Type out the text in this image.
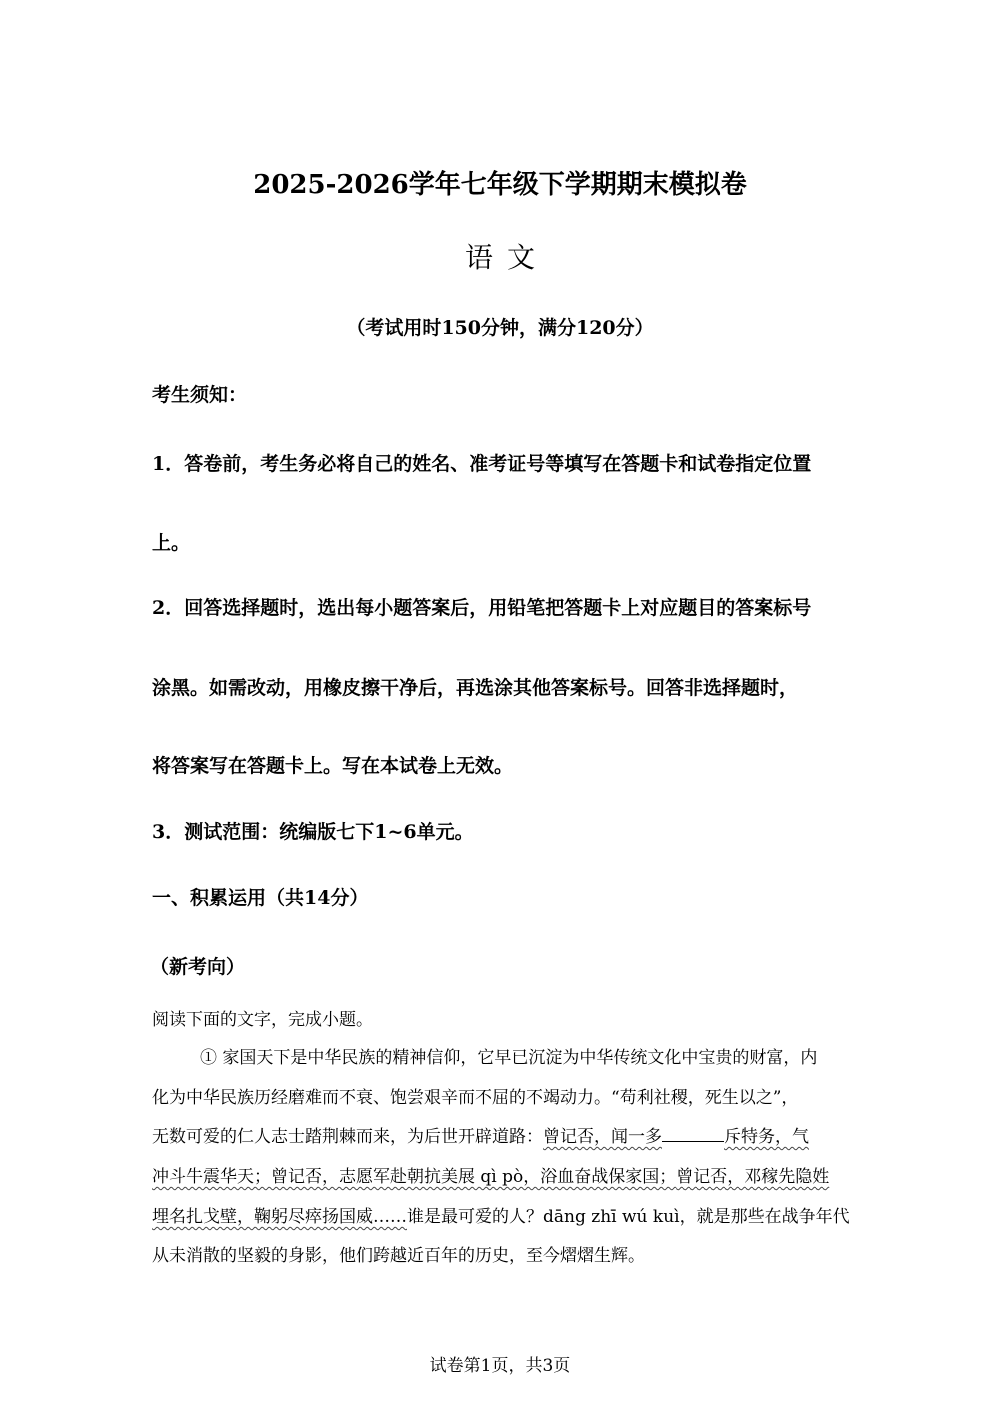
2025-2026学年七年级下学期期末模拟卷
语文
（考试用时150分钟，满分120分）
考生须知：
1．答卷前，考生务必将自己的姓名、准考证号等填写在答题卡和试卷指定位置
上。
2．回答选择题时，选出每小题答案后，用铅笔把答题卡上对应题目的答案标号
涂黑。如需改动，用橡皮擦干净后，再选涂其他答案标号。回答非选择题时，
将答案写在答题卡上。写在本试卷上无效。
3．测试范围：统编版七下1~6单元。
一、积累运用（共14分）
（新考向）
阅读下面的文字，完成小题。
① 家国天下是中华民族的精神信仰，它早已沉淀为中华传统文化中宝贵的财富，内
化为中华民族历经磨难而不衰、饱尝艰辛而不屈的不竭动力。“苟利社稷，死生以之”，
无数可爱的仁人志士踏荆棘而来，为后世开辟道路：曾记否，闻一多	斥特务，气
冲斗牛震华天；曾记否，志愿军赴朝抗美展 qì pò，浴血奋战保家国；曾记否，邓稼先隐姓
埋名扎戈壁，鞠躬尽瘁扬国威……谁是最可爱的人？dāng zhī wú kuì，就是那些在战争年代
从未消散的坚毅的身影，他们跨越近百年的历史，至今熠熠生辉。
试卷第1页，共3页
